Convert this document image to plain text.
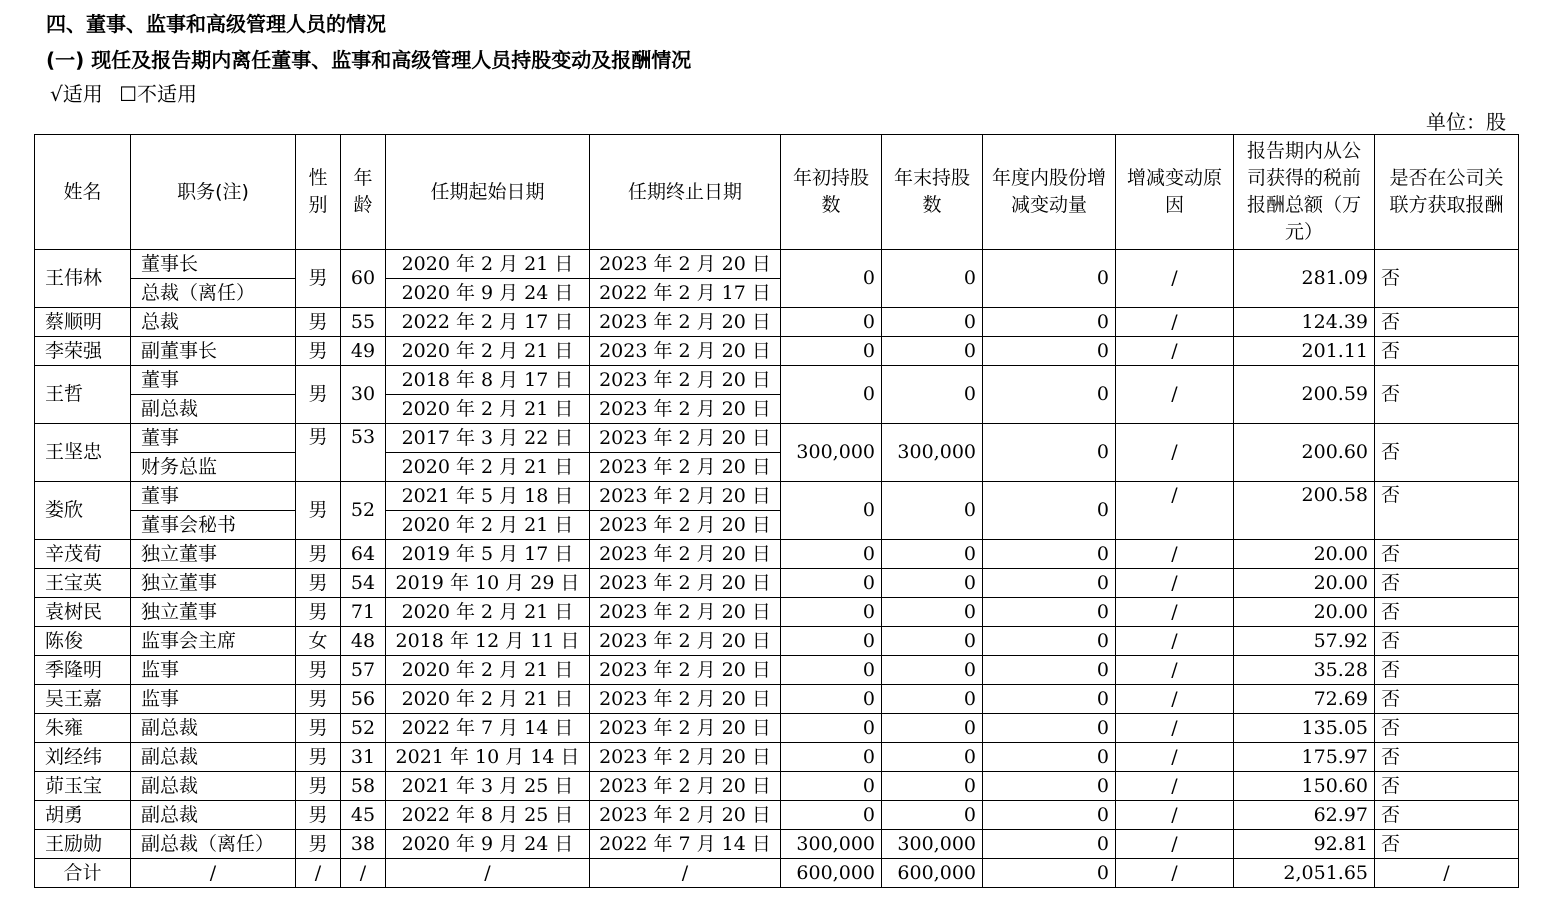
四、董事、监事和高级管理人员的情况
(一) 现任及报告期内离任董事、监事和高级管理人员持股变动及报酬情况
√适用 ☐不适用
单位：股
姓名	职务(注)	性别	年龄	任期起始日期	任期终止日期	年初持股数	年末持股数	年度内股份增减变动量	增减变动原因	报告期内从公司获得的税前报酬总额（万元）	是否在公司关联方获取报酬
王伟林	董事长	男	60	2020 年 2 月 21 日	2023 年 2 月 20 日	0	0	0	/	281.09	否
	总裁（离任）			2020 年 9 月 24 日	2022 年 2 月 17 日						
蔡顺明	总裁	男	55	2022 年 2 月 17 日	2023 年 2 月 20 日	0	0	0	/	124.39	否
李荣强	副董事长	男	49	2020 年 2 月 21 日	2023 年 2 月 20 日	0	0	0	/	201.11	否
王哲	董事	男	30	2018 年 8 月 17 日	2023 年 2 月 20 日	0	0	0	/	200.59	否
	副总裁			2020 年 2 月 21 日	2023 年 2 月 20 日						
王坚忠	董事	男	53	2017 年 3 月 22 日	2023 年 2 月 20 日	300,000	300,000	0	/	200.60	否
	财务总监			2020 年 2 月 21 日	2023 年 2 月 20 日						
娄欣	董事	男	52	2021 年 5 月 18 日	2023 年 2 月 20 日	0	0	0	/	200.58	否
	董事会秘书			2020 年 2 月 21 日	2023 年 2 月 20 日						
辛茂荀	独立董事	男	64	2019 年 5 月 17 日	2023 年 2 月 20 日	0	0	0	/	20.00	否
王宝英	独立董事	男	54	2019 年 10 月 29 日	2023 年 2 月 20 日	0	0	0	/	20.00	否
袁树民	独立董事	男	71	2020 年 2 月 21 日	2023 年 2 月 20 日	0	0	0	/	20.00	否
陈俊	监事会主席	女	48	2018 年 12 月 11 日	2023 年 2 月 20 日	0	0	0	/	57.92	否
季隆明	监事	男	57	2020 年 2 月 21 日	2023 年 2 月 20 日	0	0	0	/	35.28	否
吴王嘉	监事	男	56	2020 年 2 月 21 日	2023 年 2 月 20 日	0	0	0	/	72.69	否
朱雍	副总裁	男	52	2022 年 7 月 14 日	2023 年 2 月 20 日	0	0	0	/	135.05	否
刘经纬	副总裁	男	31	2021 年 10 月 14 日	2023 年 2 月 20 日	0	0	0	/	175.97	否
茆玉宝	副总裁	男	58	2021 年 3 月 25 日	2023 年 2 月 20 日	0	0	0	/	150.60	否
胡勇	副总裁	男	45	2022 年 8 月 25 日	2023 年 2 月 20 日	0	0	0	/	62.97	否
王励勋	副总裁（离任）	男	38	2020 年 9 月 24 日	2022 年 7 月 14 日	300,000	300,000	0	/	92.81	否
合计	/	/	/	/	/	600,000	600,000	0	/	2,051.65	/
